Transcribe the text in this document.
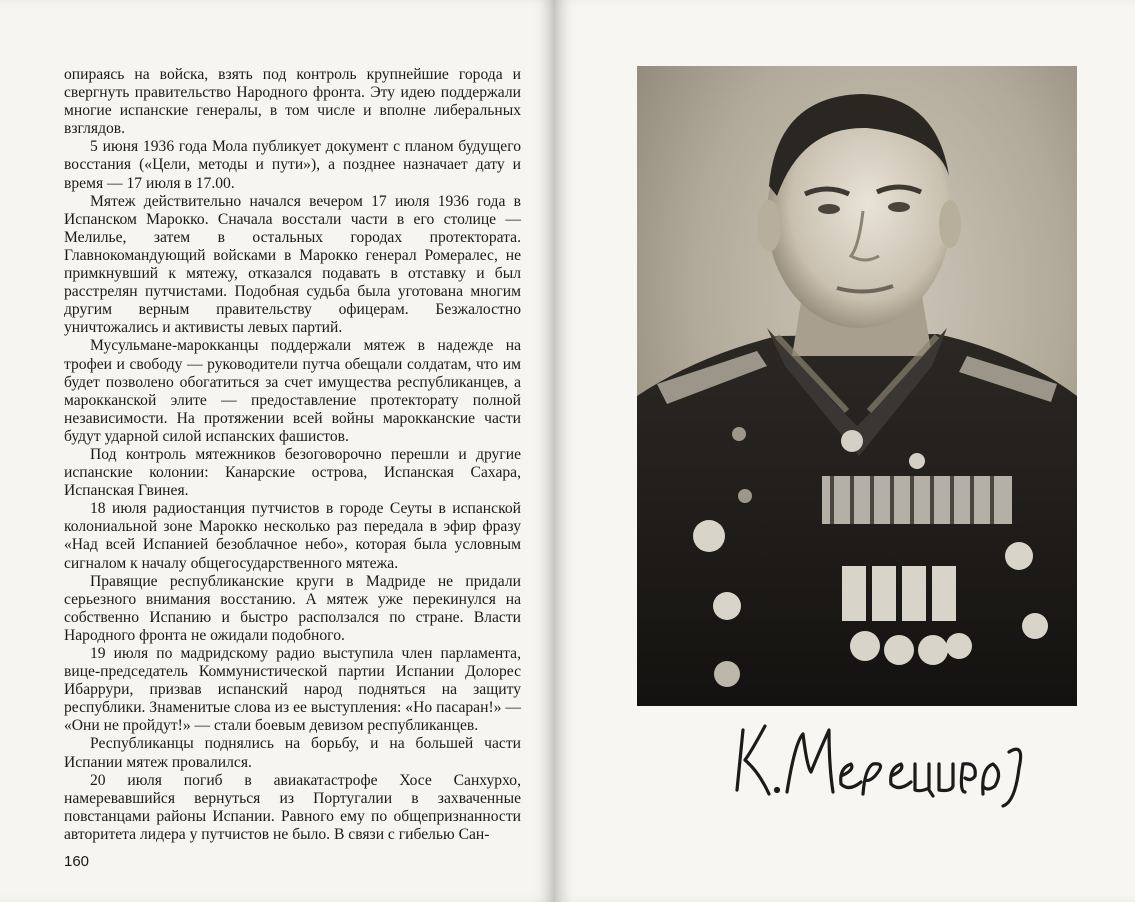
опираясь на войска, взять под контроль крупнейшие города и свергнуть правительство Народного фронта. Эту идею поддержали многие испанские генералы, в том числе и вполне либеральных взглядов.

5 июня 1936 года Мола публикует документ с планом будущего восстания («Цели, методы и пути»), а позднее назначает дату и время — 17 июля в 17.00.

Мятеж действительно начался вечером 17 июля 1936 года в Испанском Марокко. Сначала восстали части в его столице — Мелилье, затем в остальных городах протектората. Главнокомандующий войсками в Марокко генерал Ромералес, не примкнувший к мятежу, отказался подавать в отставку и был расстрелян путчистами. Подобная судьба была уготована многим другим верным правительству офицерам. Безжалостно уничтожались и активисты левых партий.

Мусульмане-марокканцы поддержали мятеж в надежде на трофеи и свободу — руководители путча обещали солдатам, что им будет позволено обогатиться за счет имущества республиканцев, а марокканской элите — предоставление протекторату полной независимости. На протяжении всей войны марокканские части будут ударной силой испанских фашистов.

Под контроль мятежников безоговорочно перешли и другие испанские колонии: Канарские острова, Испанская Сахара, Испанская Гвинея.

18 июля радиостанция путчистов в городе Сеуты в испанской колониальной зоне Марокко несколько раз передала в эфир фразу «Над всей Испанией безоблачное небо», которая была условным сигналом к началу общегосударственного мятежа.

Правящие республиканские круги в Мадриде не придали серьезного внимания восстанию. А мятеж уже перекинулся на собственно Испанию и быстро расползался по стране. Власти Народного фронта не ожидали подобного.

19 июля по мадридскому радио выступила член парламента, вице-председатель Коммунистической партии Испании Долорес Ибаррури, призвав испанский народ подняться на защиту республики. Знаменитые слова из ее выступления: «Но пасаран!» — «Они не пройдут!» — стали боевым девизом республиканцев.

Республиканцы поднялись на борьбу, и на большей части Испании мятеж провалился.

20 июля погиб в авиакатастрофе Хосе Санхурхо, намеревавшийся вернуться из Португалии в захваченные повстанцами районы Испании. Равного ему по общепризнанности авторитета лидера у путчистов не было. В связи с гибелью Сан-

160
